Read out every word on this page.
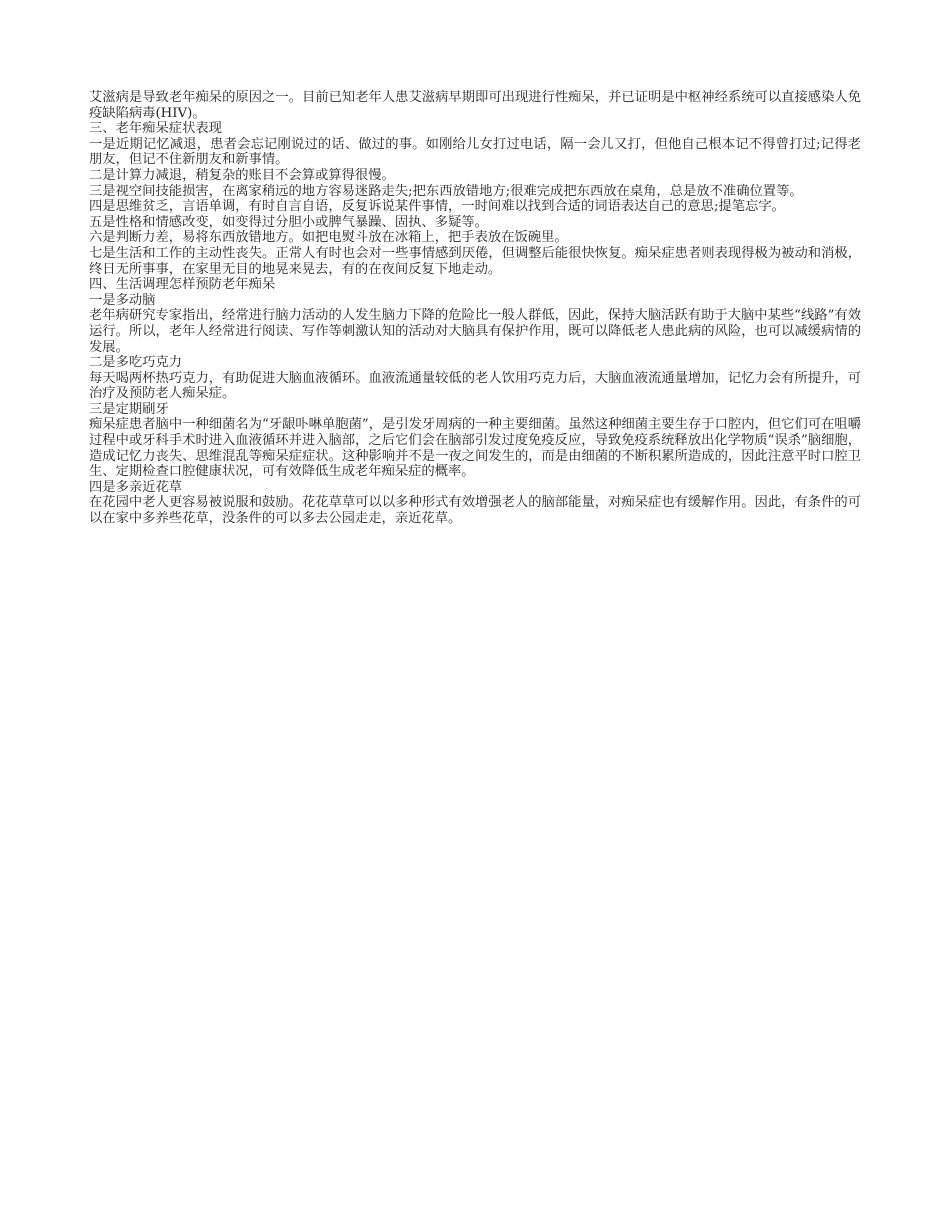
艾滋病是导致老年痴呆的原因之一。目前已知老年人患艾滋病早期即可出现进行性痴呆，并已证明是中枢神经系统可以直接感染人免疫缺陷病毒(HIV)。

三、老年痴呆症状表现

一是近期记忆减退，患者会忘记刚说过的话、做过的事。如刚给儿女打过电话，隔一会儿又打，但他自己根本记不得曾打过;记得老朋友，但记不住新朋友和新事情。

二是计算力减退，稍复杂的账目不会算或算得很慢。

三是视空间技能损害，在离家稍远的地方容易迷路走失;把东西放错地方;很难完成把东西放在桌角，总是放不准确位置等。

四是思维贫乏，言语单调，有时自言自语，反复诉说某件事情，一时间难以找到合适的词语表达自己的意思;提笔忘字。

五是性格和情感改变，如变得过分胆小或脾气暴躁、固执、多疑等。

六是判断力差，易将东西放错地方。如把电熨斗放在冰箱上，把手表放在饭碗里。

七是生活和工作的主动性丧失。正常人有时也会对一些事情感到厌倦，但调整后能很快恢复。痴呆症患者则表现得极为被动和消极，终日无所事事，在家里无目的地晃来晃去，有的在夜间反复下地走动。

四、生活调理怎样预防老年痴呆

一是多动脑

老年病研究专家指出，经常进行脑力活动的人发生脑力下降的危险比一般人群低，因此，保持大脑活跃有助于大脑中某些“线路”有效运行。所以，老年人经常进行阅读、写作等刺激认知的活动对大脑具有保护作用，既可以降低老人患此病的风险，也可以减缓病情的发展。

二是多吃巧克力

每天喝两杯热巧克力，有助促进大脑血液循环。血液流通量较低的老人饮用巧克力后，大脑血液流通量增加，记忆力会有所提升，可治疗及预防老人痴呆症。

三是定期刷牙

痴呆症患者脑中一种细菌名为“牙龈卟啉单胞菌”，是引发牙周病的一种主要细菌。虽然这种细菌主要生存于口腔内，但它们可在咀嚼过程中或牙科手术时进入血液循环并进入脑部，之后它们会在脑部引发过度免疫反应，导致免疫系统释放出化学物质“误杀”脑细胞，造成记忆力丧失、思维混乱等痴呆症症状。这种影响并不是一夜之间发生的，而是由细菌的不断积累所造成的，因此注意平时口腔卫生、定期检查口腔健康状况，可有效降低生成老年痴呆症的概率。

四是多亲近花草

在花园中老人更容易被说服和鼓励。花花草草可以以多种形式有效增强老人的脑部能量，对痴呆症也有缓解作用。因此，有条件的可以在家中多养些花草，没条件的可以多去公园走走，亲近花草。
